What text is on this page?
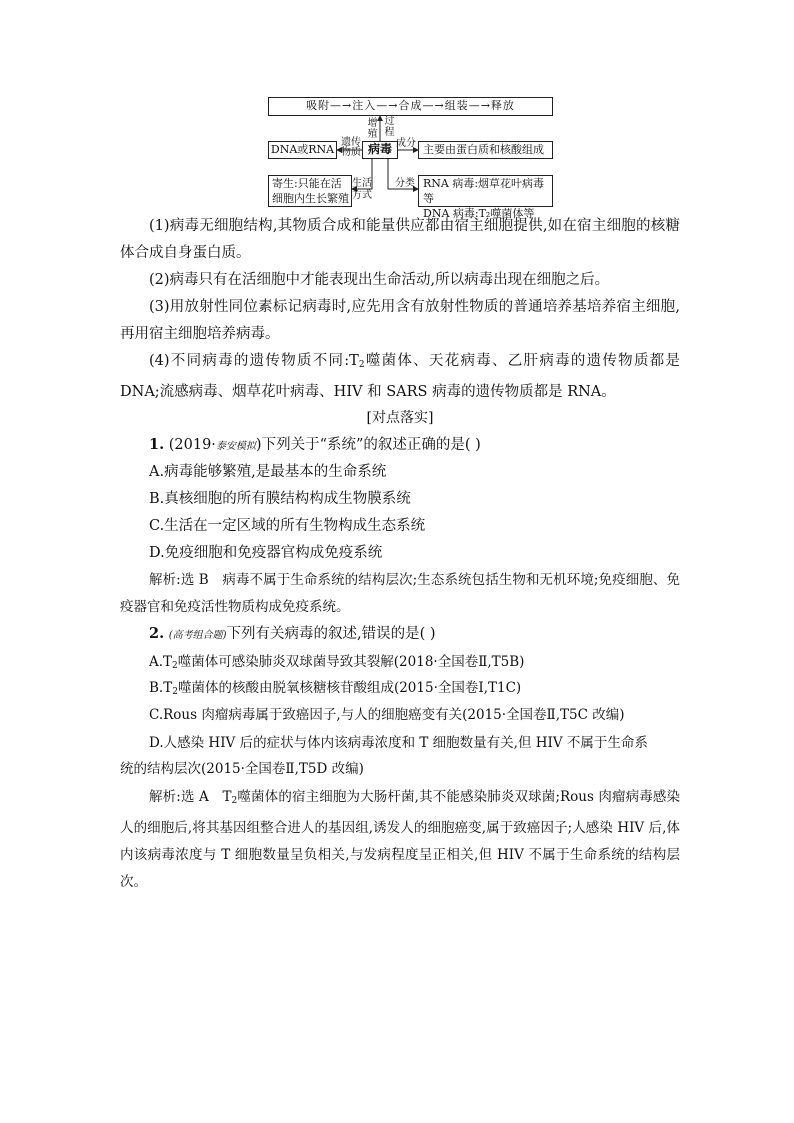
吸附—→注入—→合成—→组装—→释放
病毒
DNA或RNA
寄生:只能在活
细胞内生长繁殖
主要由蛋白质和核酸组成
RNA 病毒:烟草花叶病毒等
DNA 病毒:T₂噬菌体等
增殖
过程
遗传物质
成分
生活方式
分类

(1)病毒无细胞结构,其物质合成和能量供应都由宿主细胞提供,如在宿主细胞的核糖体合成自身蛋白质。

(2)病毒只有在活细胞中才能表现出生命活动,所以病毒出现在细胞之后。

(3)用放射性同位素标记病毒时,应先用含有放射性物质的普通培养基培养宿主细胞,再用宿主细胞培养病毒。

(4)不同病毒的遗传物质不同$:T_2$噬菌体、天花病毒、乙肝病毒的遗传物质都是 DNA;流感病毒、烟草花叶病毒、HIV 和 SARS 病毒的遗传物质都是 RNA。

[对点落实]

1. (2019·泰安模拟)下列关于“系统”的叙述正确的是( )

A.病毒能够繁殖,是最基本的生命系统

B.真核细胞的所有膜结构构成生物膜系统

C.生活在一定区域的所有生物构成生态系统

D.免疫细胞和免疫器官构成免疫系统

解析:选 B　病毒不属于生命系统的结构层次;生态系统包括生物和无机环境;免疫细胞、免疫器官和免疫活性物质构成免疫系统。

2. (高考组合题)下列有关病毒的叙述,错误的是( )

$A.T_2$噬菌体可感染肺炎双球菌导致其裂解(2018·全国卷Ⅱ,T5B)

$B.T_2$噬菌体的核酸由脱氧核糖核苷酸组成(2015·全国卷Ⅰ,T1C)

C.Rous 肉瘤病毒属于致癌因子,与人的细胞癌变有关(2015·全国卷Ⅱ,T5C 改编)

D.人感染 HIV 后的症状与体内该病毒浓度和 T 细胞数量有关,但 HIV 不属于生命系

统的结构层次(2015·全国卷Ⅱ,T5D 改编)

解析:选 A　$T_2$噬菌体的宿主细胞为大肠杆菌,其不能感染肺炎双球菌;Rous 肉瘤病毒感染人的细胞后,将其基因组整合进人的基因组,诱发人的细胞癌变,属于致癌因子;人感染 HIV 后,体内该病毒浓度与 T 细胞数量呈负相关,与发病程度呈正相关,但 HIV 不属于生命系统的结构层次。
